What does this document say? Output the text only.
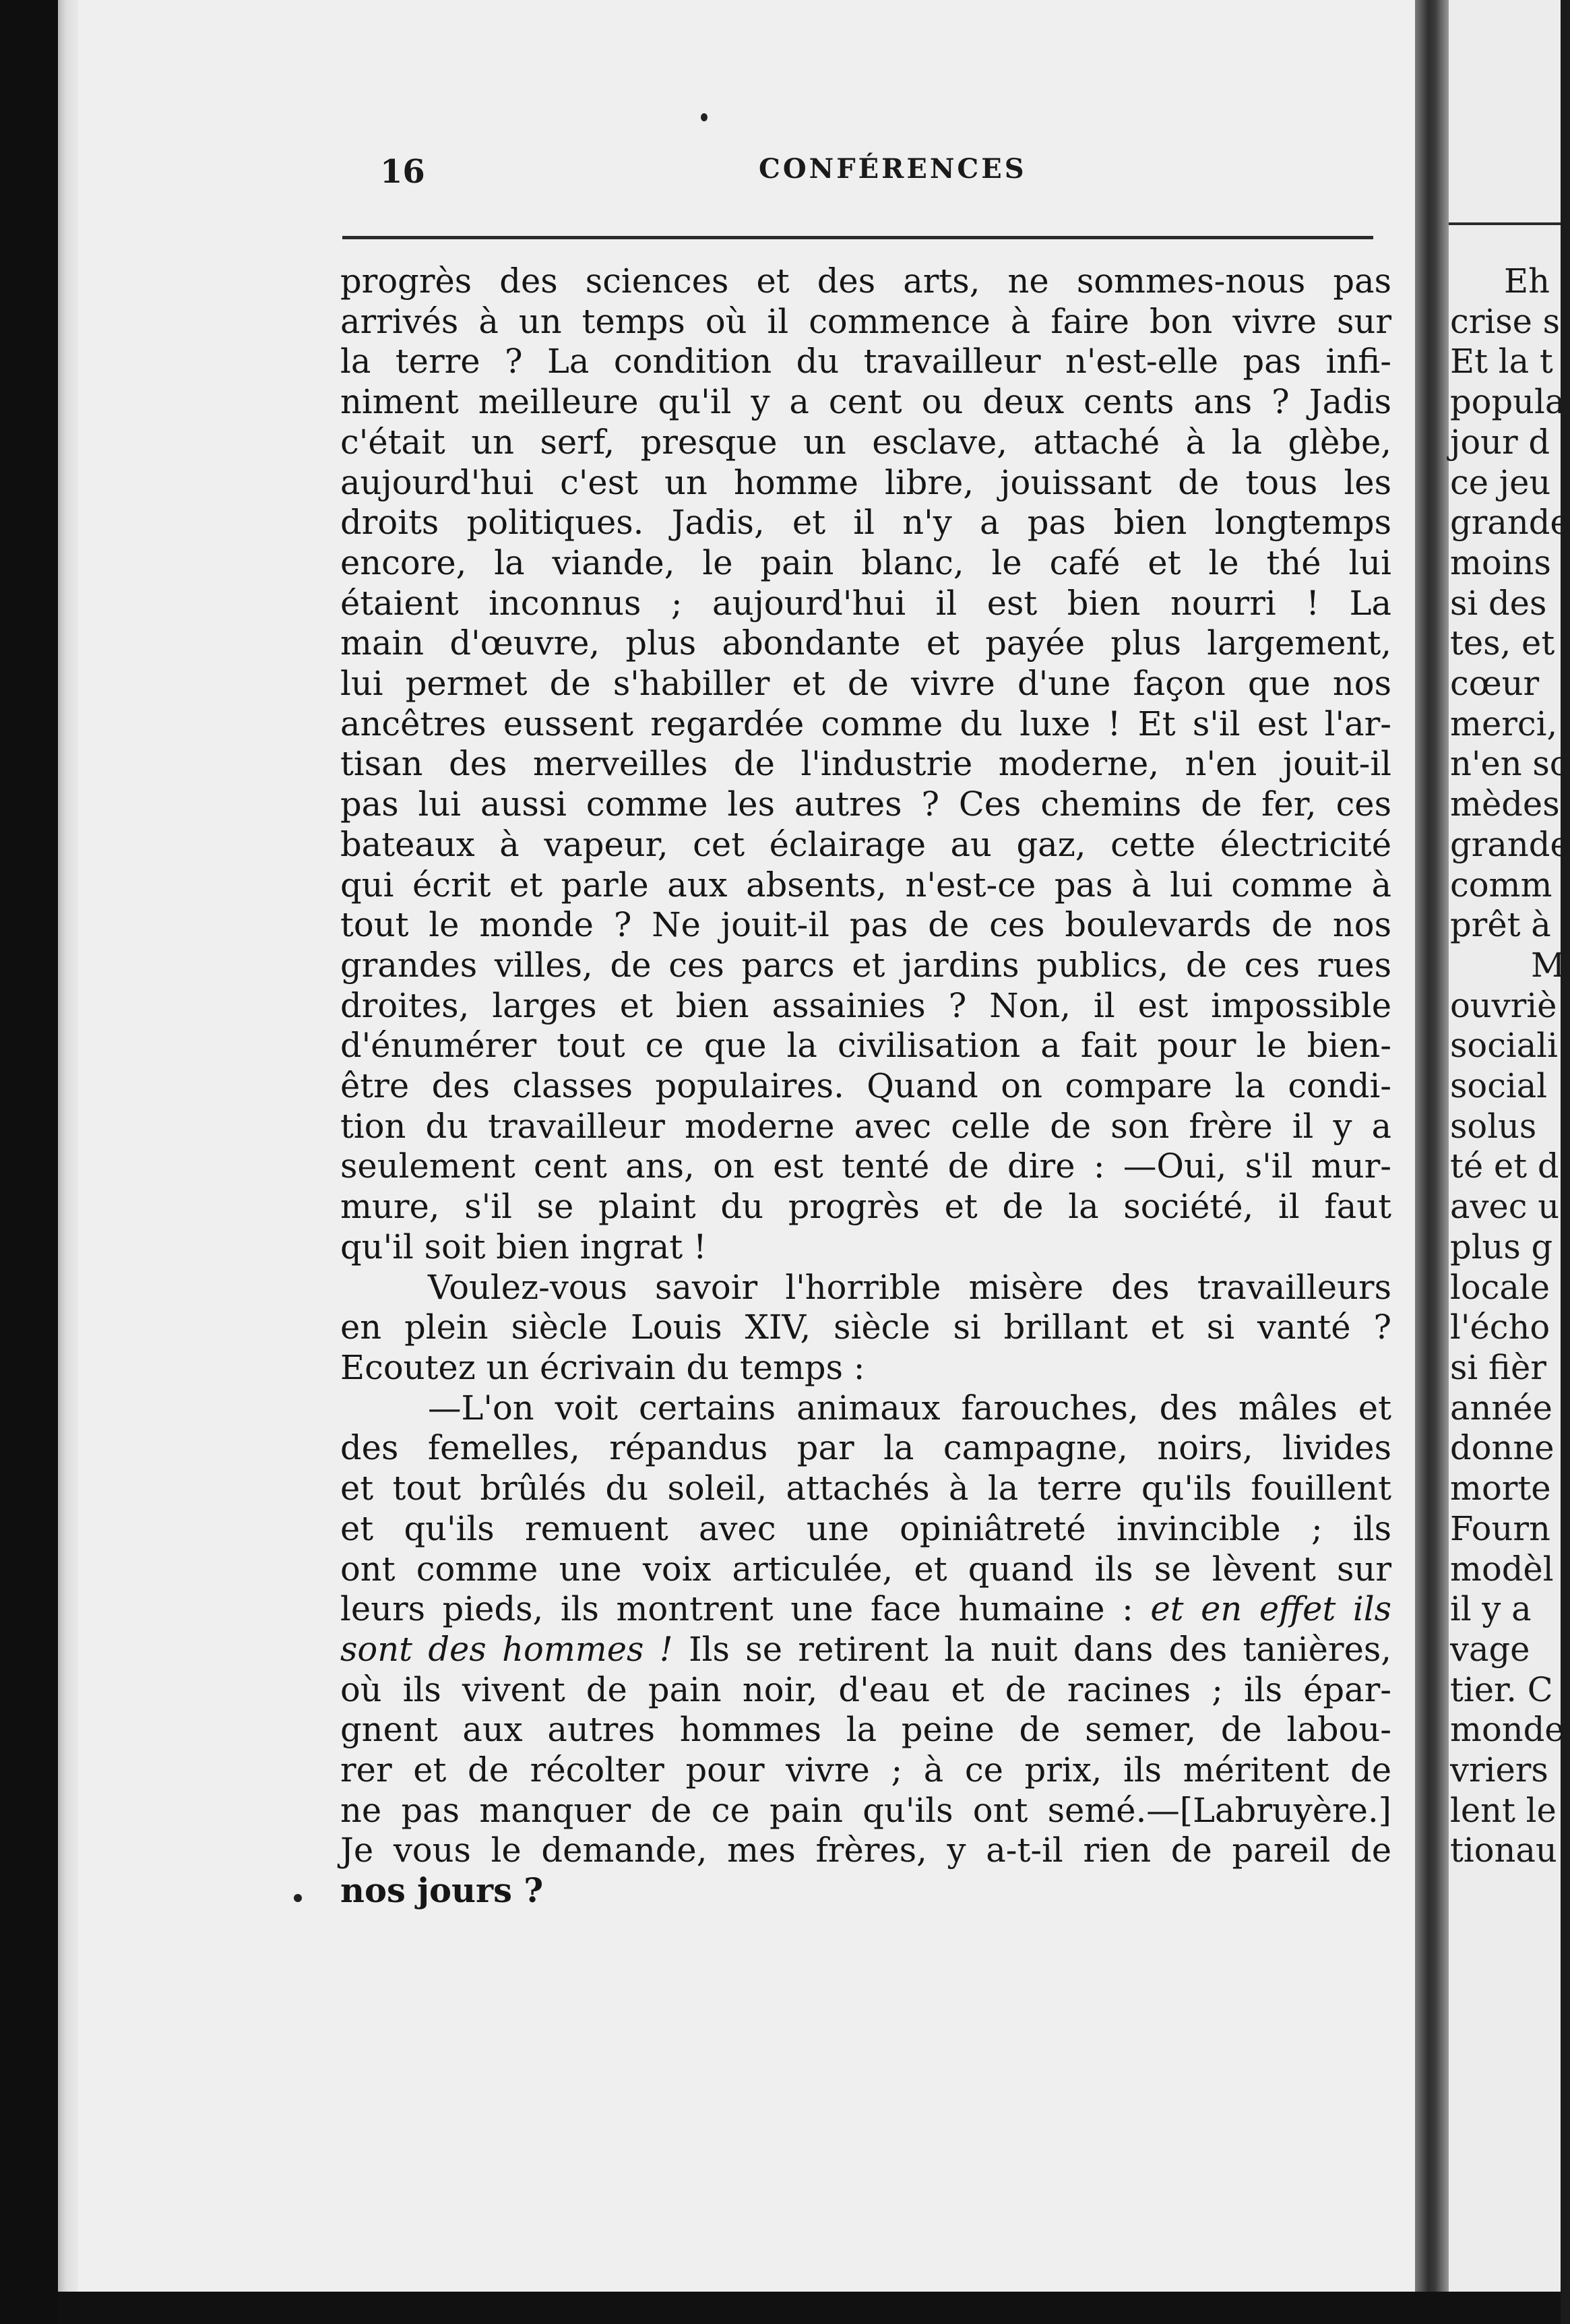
16	CONFÉRENCES
progrès des sciences et des arts, ne sommes-nous pas
arrivés à un temps où il commence à faire bon vivre sur
la terre ? La condition du travailleur n'est-elle pas infi-
niment meilleure qu'il y a cent ou deux cents ans ? Jadis
c'était un serf, presque un esclave, attaché à la glèbe,
aujourd'hui c'est un homme libre, jouissant de tous les
droits politiques. Jadis, et il n'y a pas bien longtemps
encore, la viande, le pain blanc, le café et le thé lui
étaient inconnus ; aujourd'hui il est bien nourri ! La
main d'œuvre, plus abondante et payée plus largement,
lui permet de s'habiller et de vivre d'une façon que nos
ancêtres eussent regardée comme du luxe ! Et s'il est l'ar-
tisan des merveilles de l'industrie moderne, n'en jouit-il
pas lui aussi comme les autres ? Ces chemins de fer, ces
bateaux à vapeur, cet éclairage au gaz, cette électricité
qui écrit et parle aux absents, n'est-ce pas à lui comme à
tout le monde ? Ne jouit-il pas de ces boulevards de nos
grandes villes, de ces parcs et jardins publics, de ces rues
droites, larges et bien assainies ? Non, il est impossible
d'énumérer tout ce que la civilisation a fait pour le bien-
être des classes populaires. Quand on compare la condi-
tion du travailleur moderne avec celle de son frère il y a
seulement cent ans, on est tenté de dire : —Oui, s'il mur-
mure, s'il se plaint du progrès et de la société, il faut
qu'il soit bien ingrat !
Voulez-vous savoir l'horrible misère des travailleurs
en plein siècle Louis XIV, siècle si brillant et si vanté ?
Ecoutez un écrivain du temps :
—L'on voit certains animaux farouches, des mâles et
des femelles, répandus par la campagne, noirs, livides
et tout brûlés du soleil, attachés à la terre qu'ils fouillent
et qu'ils remuent avec une opiniâtreté invincible ; ils
ont comme une voix articulée, et quand ils se lèvent sur
leurs pieds, ils montrent une face humaine : et en effet ils
sont des hommes ! Ils se retirent la nuit dans des tanières,
où ils vivent de pain noir, d'eau et de racines ; ils épar-
gnent aux autres hommes la peine de semer, de labou-
rer et de récolter pour vivre ; à ce prix, ils méritent de
ne pas manquer de ce pain qu'ils ont semé.—[Labruyère.]
Je vous le demande, mes frères, y a-t-il rien de pareil de
nos jours ?
Eh
crise s
Et la t
popula
jour d
ce jeu
grande
moins
si des
tes, et
cœur
merci,
n'en sc
mèdes
grande
comm
prêt à
M
ouvriè
sociali
social
solus
té et d
avec u
plus g
locale
l'écho
si fièr
année
donne
morte
Fourn
modèl
il y a
vage
tier. C
monde
vriers
lent le
tionau
